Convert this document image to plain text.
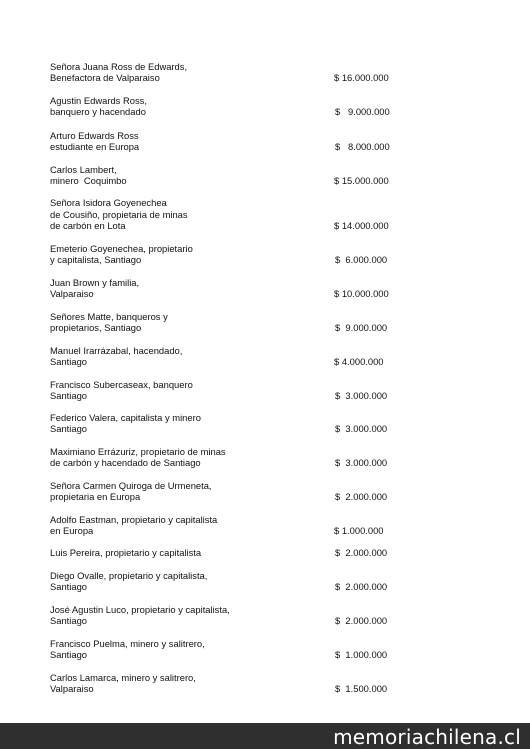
Señora Juana Ross de Edwards,
Benefactora de Valparaiso	$ 16.000.000
Agustin Edwards Ross,
banquero y hacendado	$   9.000.000
Arturo Edwards Ross
estudiante en Europa	$   8.000.000
Carlos Lambert,
minero  Coquimbo	$ 15.000.000
Señora Isidora Goyenechea
de Cousiño, propietaria de minas
de carbón en Lota	$ 14.000.000
Emeterio Goyenechea, propietario
y capitalista, Santiago	$  6.000.000
Juan Brown y familia,
Valparaiso	$ 10.000.000
Señores Matte, banqueros y
propietarios, Santiago	$  9.000.000
Manuel Irarrázabal, hacendado,
Santiago	$ 4.000.000
Francisco Subercaseax, banquero
Santiago	$  3.000.000
Federico Valera, capitalista y minero
Santiago	$  3.000.000
Maximiano Errázuriz, propietario de minas
de carbón y hacendado de Santiago	$  3.000.000
Señora Carmen Quiroga de Urmeneta,
propietaria en Europa	$  2.000.000
Adolfo Eastman, propietario y capitalista
en Europa	$ 1.000.000
Luis Pereira, propietario y capitalista	$  2.000.000
Diego Ovalle, propietario y capitalista,
Santiago	$  2.000.000
José Agustin Luco, propietario y capitalista,
Santiago	$  2.000.000
Francisco Puelma, minero y salitrero,
Santiago	$  1.000.000
Carlos Lamarca, minero y salitrero,
Valparaiso	$  1.500.000
memoriachilena.cl
